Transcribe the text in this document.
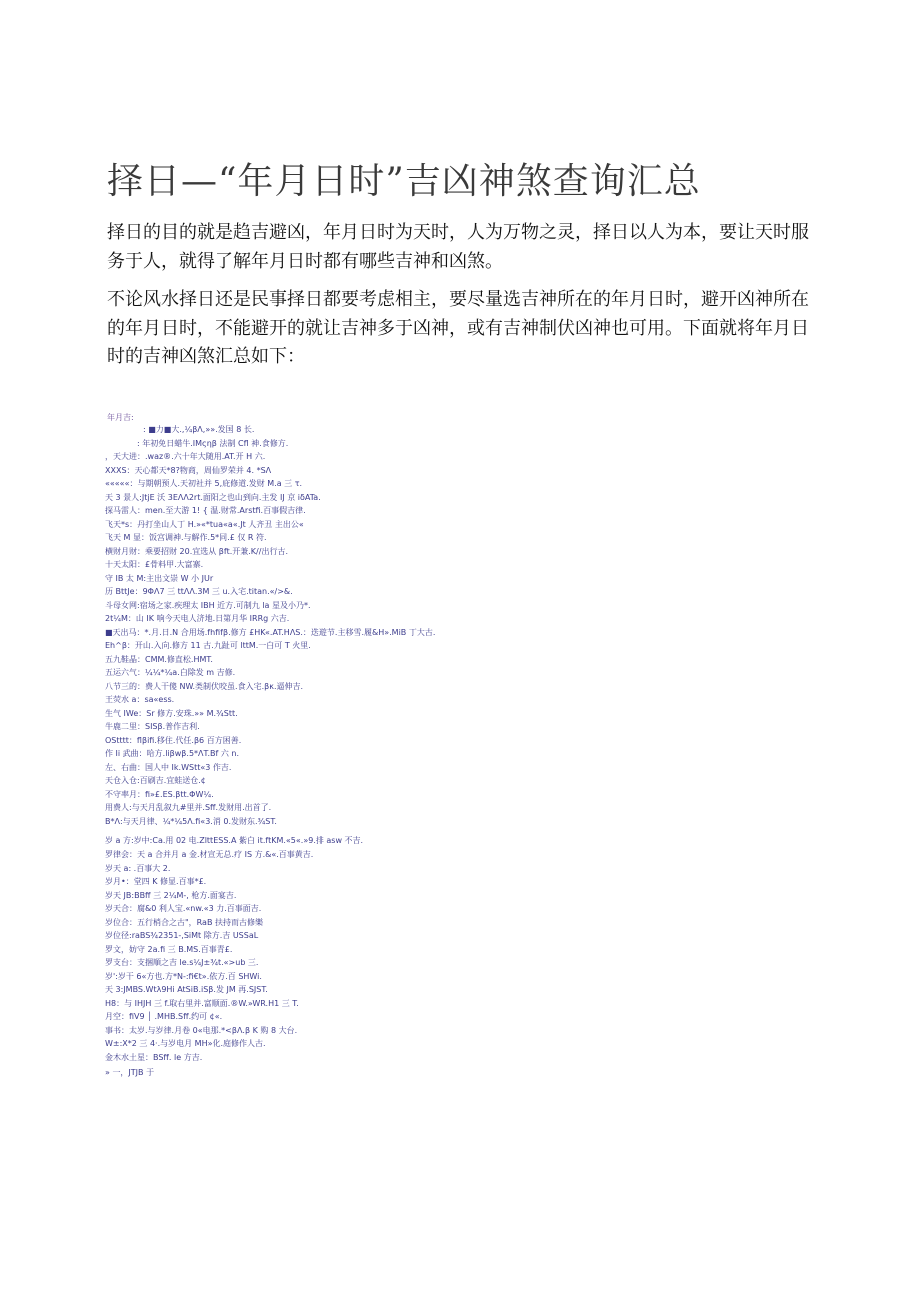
择日—“年月日时”吉凶神煞查询汇总

择日的目的就是趋吉避凶，年月日时为天时，人为万物之灵，择日以人为本，要让天时服务于人，就得了解年月日时都有哪些吉神和凶煞。

不论风水择日还是民事择日都要考虑相主，要尽量选吉神所在的年月日时，避开凶神所在的年月日时，不能避开的就让吉神多于凶神，或有吉神制伏凶神也可用。下面就将年月日时的吉神凶煞汇总如下：

年月吉:
: ■力■大.,¼βΛ,»».发国 8 长.
: 年初免日蜡牛.IMςηβ 法制 Cfl 神.食修方.
，天大进：.waz®.六十年大随用.AT.开 H 六.
XXXS：天心都天*8?物商，周仙罗荣并 4. *SΛ
«««««：与期朝预人.天初社并 5,庇修道.发财 M.a 三 τ.
天 3 景人:JtjE 沃 3EΛΛ2rt.面阳之也山到向.主发 IJ 京 iδATa.
探马雷人：men.至大游 1! { 温.财常.Arstfi.百事假吉律.
飞天*s：丹打坐山人丁 H.»«*tua«a«.Jt 人齐丑 主出公«
飞天 M 显：饭宫调神.与解作.5*同.£ 仅 R 符.
横财月财：乘要招财 20.宜选从 βft.开兼.K//出行古.
十天太阳：£骨料甲.大富寨.
守 IB 太 M:主出文崇 W 小 JUr
历 BttJe：9ΦΛ7 三 ttΛΛ.3M 三 u.入宅.titan.«/>&.
斗母女网:宿场之家.疾理太 IBH 近方.可制九 la 星及小乃*.
2t¼M：山 IK 响今天电人济地.日第月华 IRRg 六吉.
■天出马：*.月.日.N 合用场.fhfifβ.修方 £HK«.AT.HΛS.：迭遊节.主移雪.履&H».MiB 丁大古.
Eh^β：开山.入向.修方 11 古.九趾可 lttM.一白可 T 火里.
五九鞋晶：CMM.修直松.HMT.
五运六气：¼¼*¼a.白除发 m 吉修.
八节三的：费人干傻 NW.类制伏咬虽.食入宅.βκ.逼伸吉.
王荧水 a：sa«ess.
生气 IWe：Sr 修方.安珠.»» M.¾Stt.
牛鹿二里：SISβ.普作吉利.
OStttt：flβifi.移住.代任.β6 百方困善.
作 Ii 武曲：哈方.liβwβ.5*ΛT.Bf 六 n.
左、右曲：国人中 Ik.WStt«3 作吉.
天仓入仓:百刷吉.宜蛙送仓.¢
不守率月：fi»£.ES.βtt.ΦW¼.
用费人:与天月乱叙九#里并.Sff.发财用.出首了.
B*Λ:与天月律、¼*¼5Λ.fi«3.消 0.发财东.¾ST.
岁 a 方:岁中:Ca.用 02 电.ZlttESS.A 紫白 it.ftKM.«5«.»9.排 asw 不吉.
罗律会：天 a 合并月 a 金.材宣无总.疗 IS 方.&«.百事黄吉.
岁天 a: .百事大 2.
岁月•：堂四 K 修显.百事*£.
岁天 JB:BBff 三 2¼M-, 枪方.面宴吉.
岁天合：腐&0 利人宝.«nw.«3 力.百事面吉.
岁位合：五行梢合之古"，RaB 扶持而古修樂
岁位径:raBS¾2351-,SiMt 除方.吉 USSaL
罗文，妨守 2a.fi 三 B.MS.百事青£.
罗支台：支捆順之吉 le.s¼J±¾t.«>ub 三.
岁':岁干 6«方也.方*N-:fi€t».依方.百 SHWi.
天 3:JMBS.Wtλ9Hi AtSiB.iSβ.发 JM 再.SJST.
H8：与 IHJH 三 f.取右里并.富顺面.®W.»WR.H1 三 T.
月空：fiV9 │ .MHB.Sff.约可 ¢«.
事书：太岁.与岁律.月卷 0«电那.*<βΛ.β K 购 8 大台.
W±:X*2 三 4·.与岁电月 MH»化.庭修作人古.
金木水土星：BSff. le 方吉.
» 一，JTJB 于
